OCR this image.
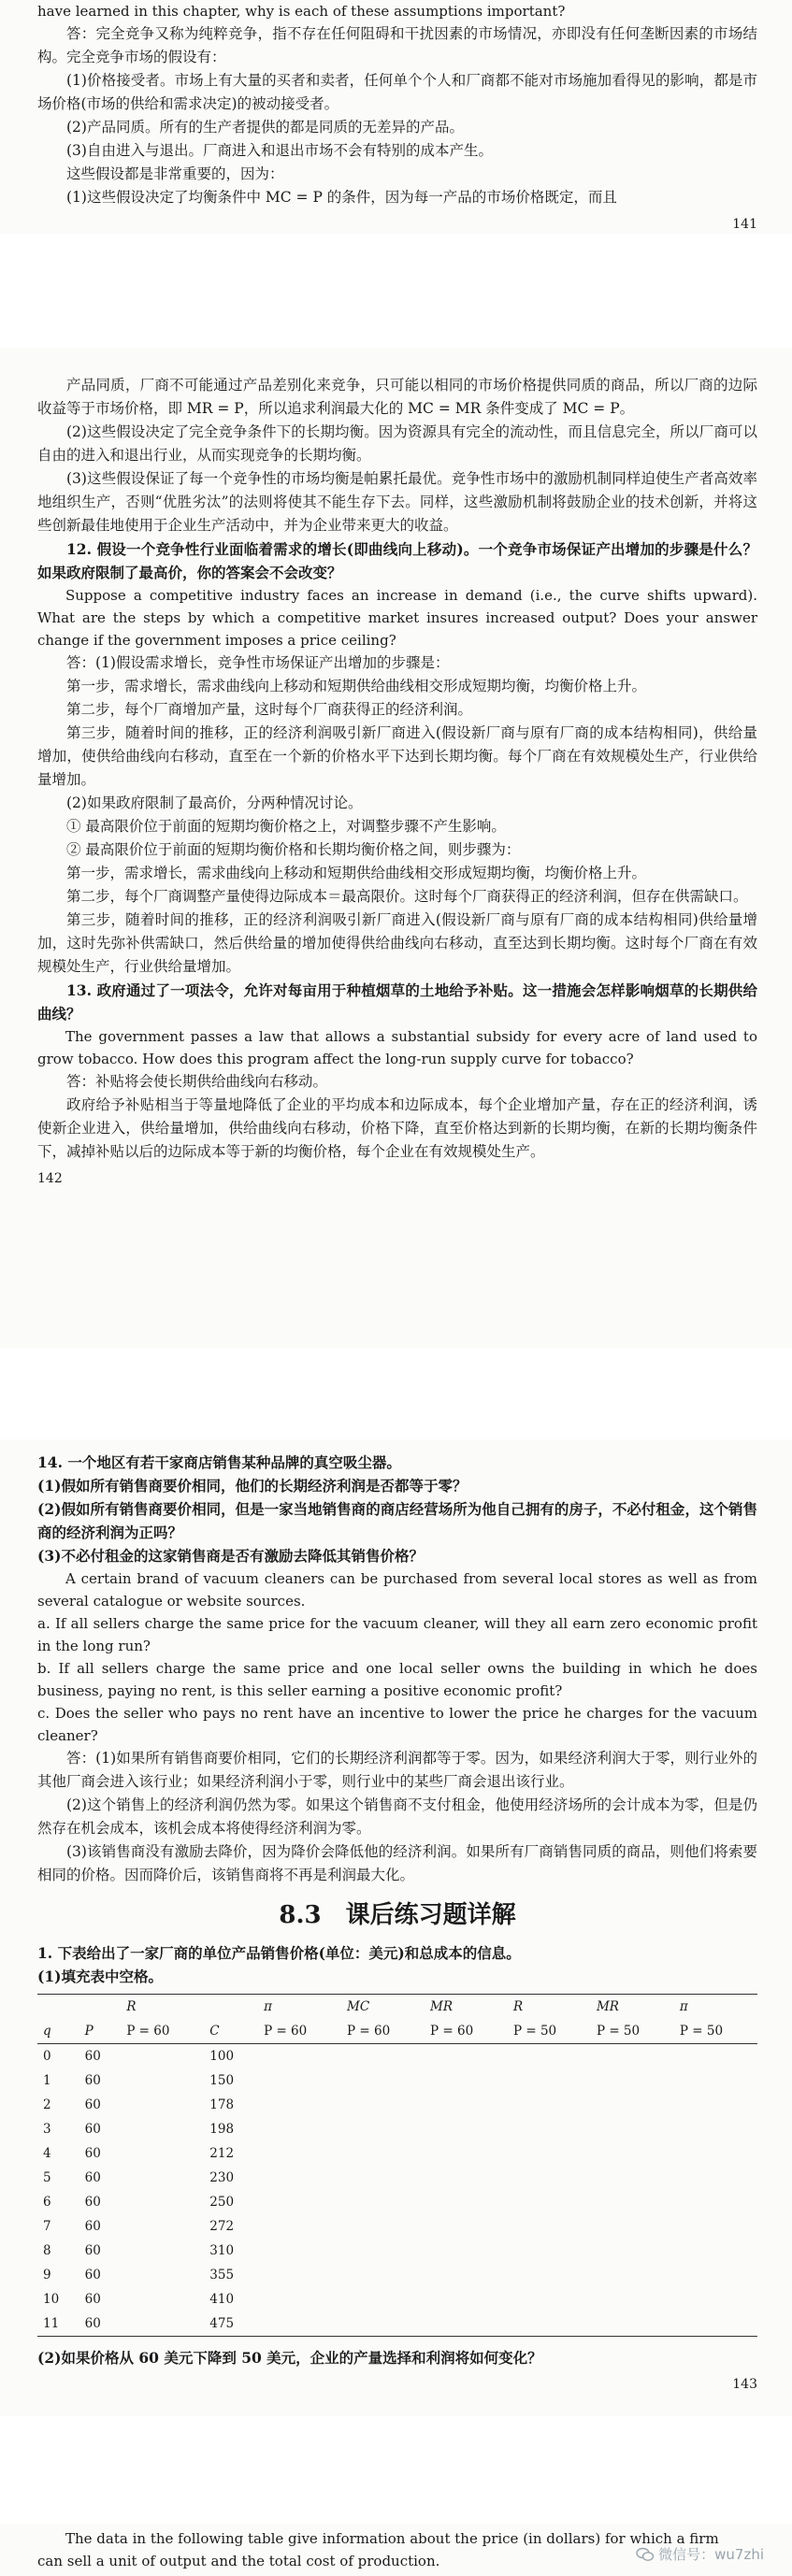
have learned in this chapter, why is each of these assumptions important?

答：完全竞争又称为纯粹竞争，指不存在任何阻碍和干扰因素的市场情况，亦即没有任何垄断因素的市场结构。完全竞争市场的假设有：

(1)价格接受者。市场上有大量的买者和卖者，任何单个个人和厂商都不能对市场施加看得见的影响，都是市场价格(市场的供给和需求决定)的被动接受者。

(2)产品同质。所有的生产者提供的都是同质的无差异的产品。

(3)自由进入与退出。厂商进入和退出市场不会有特别的成本产生。

这些假设都是非常重要的，因为：

(1)这些假设决定了均衡条件中 MC = P 的条件，因为每一产品的市场价格既定，而且

141

产品同质，厂商不可能通过产品差别化来竞争，只可能以相同的市场价格提供同质的商品，所以厂商的边际收益等于市场价格，即 MR = P，所以追求利润最大化的 MC = MR 条件变成了 MC = P。

(2)这些假设决定了完全竞争条件下的长期均衡。因为资源具有完全的流动性，而且信息完全，所以厂商可以自由的进入和退出行业，从而实现竞争的长期均衡。

(3)这些假设保证了每一个竞争性的市场均衡是帕累托最优。竞争性市场中的激励机制同样迫使生产者高效率地组织生产，否则“优胜劣汰”的法则将使其不能生存下去。同样，这些激励机制将鼓励企业的技术创新，并将这些创新最佳地使用于企业生产活动中，并为企业带来更大的收益。

12. 假设一个竞争性行业面临着需求的增长(即曲线向上移动)。一个竞争市场保证产出增加的步骤是什么？如果政府限制了最高价，你的答案会不会改变？

Suppose a competitive industry faces an increase in demand (i.e., the curve shifts upward). What are the steps by which a competitive market insures increased output? Does your answer change if the government imposes a price ceiling?

答：(1)假设需求增长，竞争性市场保证产出增加的步骤是：

第一步，需求增长，需求曲线向上移动和短期供给曲线相交形成短期均衡，均衡价格上升。

第二步，每个厂商增加产量，这时每个厂商获得正的经济利润。

第三步，随着时间的推移，正的经济利润吸引新厂商进入(假设新厂商与原有厂商的成本结构相同)，供给量增加，使供给曲线向右移动，直至在一个新的价格水平下达到长期均衡。每个厂商在有效规模处生产，行业供给量增加。

(2)如果政府限制了最高价，分两种情况讨论。

① 最高限价位于前面的短期均衡价格之上，对调整步骤不产生影响。

② 最高限价位于前面的短期均衡价格和长期均衡价格之间，则步骤为：

第一步，需求增长，需求曲线向上移动和短期供给曲线相交形成短期均衡，均衡价格上升。

第二步，每个厂商调整产量使得边际成本＝最高限价。这时每个厂商获得正的经济利润，但存在供需缺口。

第三步，随着时间的推移，正的经济利润吸引新厂商进入(假设新厂商与原有厂商的成本结构相同)供给量增加，这时先弥补供需缺口，然后供给量的增加使得供给曲线向右移动，直至达到长期均衡。这时每个厂商在有效规模处生产，行业供给量增加。

13. 政府通过了一项法令，允许对每亩用于种植烟草的土地给予补贴。这一措施会怎样影响烟草的长期供给曲线？

The government passes a law that allows a substantial subsidy for every acre of land used to grow tobacco. How does this program affect the long-run supply curve for tobacco?

答：补贴将会使长期供给曲线向右移动。

政府给予补贴相当于等量地降低了企业的平均成本和边际成本，每个企业增加产量，存在正的经济利润，诱使新企业进入，供给量增加，供给曲线向右移动，价格下降，直至价格达到新的长期均衡，在新的长期均衡条件下，减掉补贴以后的边际成本等于新的均衡价格，每个企业在有效规模处生产。

142

14. 一个地区有若干家商店销售某种品牌的真空吸尘器。

(1)假如所有销售商要价相同，他们的长期经济利润是否都等于零？

(2)假如所有销售商要价相同，但是一家当地销售商的商店经营场所为他自己拥有的房子，不必付租金，这个销售商的经济利润为正吗？

(3)不必付租金的这家销售商是否有激励去降低其销售价格？

A certain brand of vacuum cleaners can be purchased from several local stores as well as from several catalogue or website sources.

a. If all sellers charge the same price for the vacuum cleaner, will they all earn zero economic profit in the long run?

b. If all sellers charge the same price and one local seller owns the building in which he does business, paying no rent, is this seller earning a positive economic profit?

c. Does the seller who pays no rent have an incentive to lower the price he charges for the vacuum cleaner?

答：(1)如果所有销售商要价相同，它们的长期经济利润都等于零。因为，如果经济利润大于零，则行业外的其他厂商会进入该行业；如果经济利润小于零，则行业中的某些厂商会退出该行业。

(2)这个销售上的经济利润仍然为零。如果这个销售商不支付租金，他使用经济场所的会计成本为零，但是仍然存在机会成本，该机会成本将使得经济利润为零。

(3)该销售商没有激励去降价，因为降价会降低他的经济利润。如果所有厂商销售同质的商品，则他们将索要相同的价格。因而降价后，该销售商将不再是利润最大化。

8.3　课后练习题详解

1. 下表给出了一家厂商的单位产品销售价格(单位：美元)和总成本的信息。

(1)填充表中空格。

		R		π	MC	MR	R	MR	π
q	P	P = 60	C	P = 60	P = 60	P = 60	P = 50	P = 50	P = 50
0	60		100						
1	60		150						
2	60		178						
3	60		198						
4	60		212						
5	60		230						
6	60		250						
7	60		272						
8	60		310						
9	60		355						
10	60		410						
11	60		475						

(2)如果价格从 60 美元下降到 50 美元，企业的产量选择和利润将如何变化？

143

The data in the following table give information about the price (in dollars) for which a firm

can sell a unit of output and the total cost of production.	微信号：wu7zhi
